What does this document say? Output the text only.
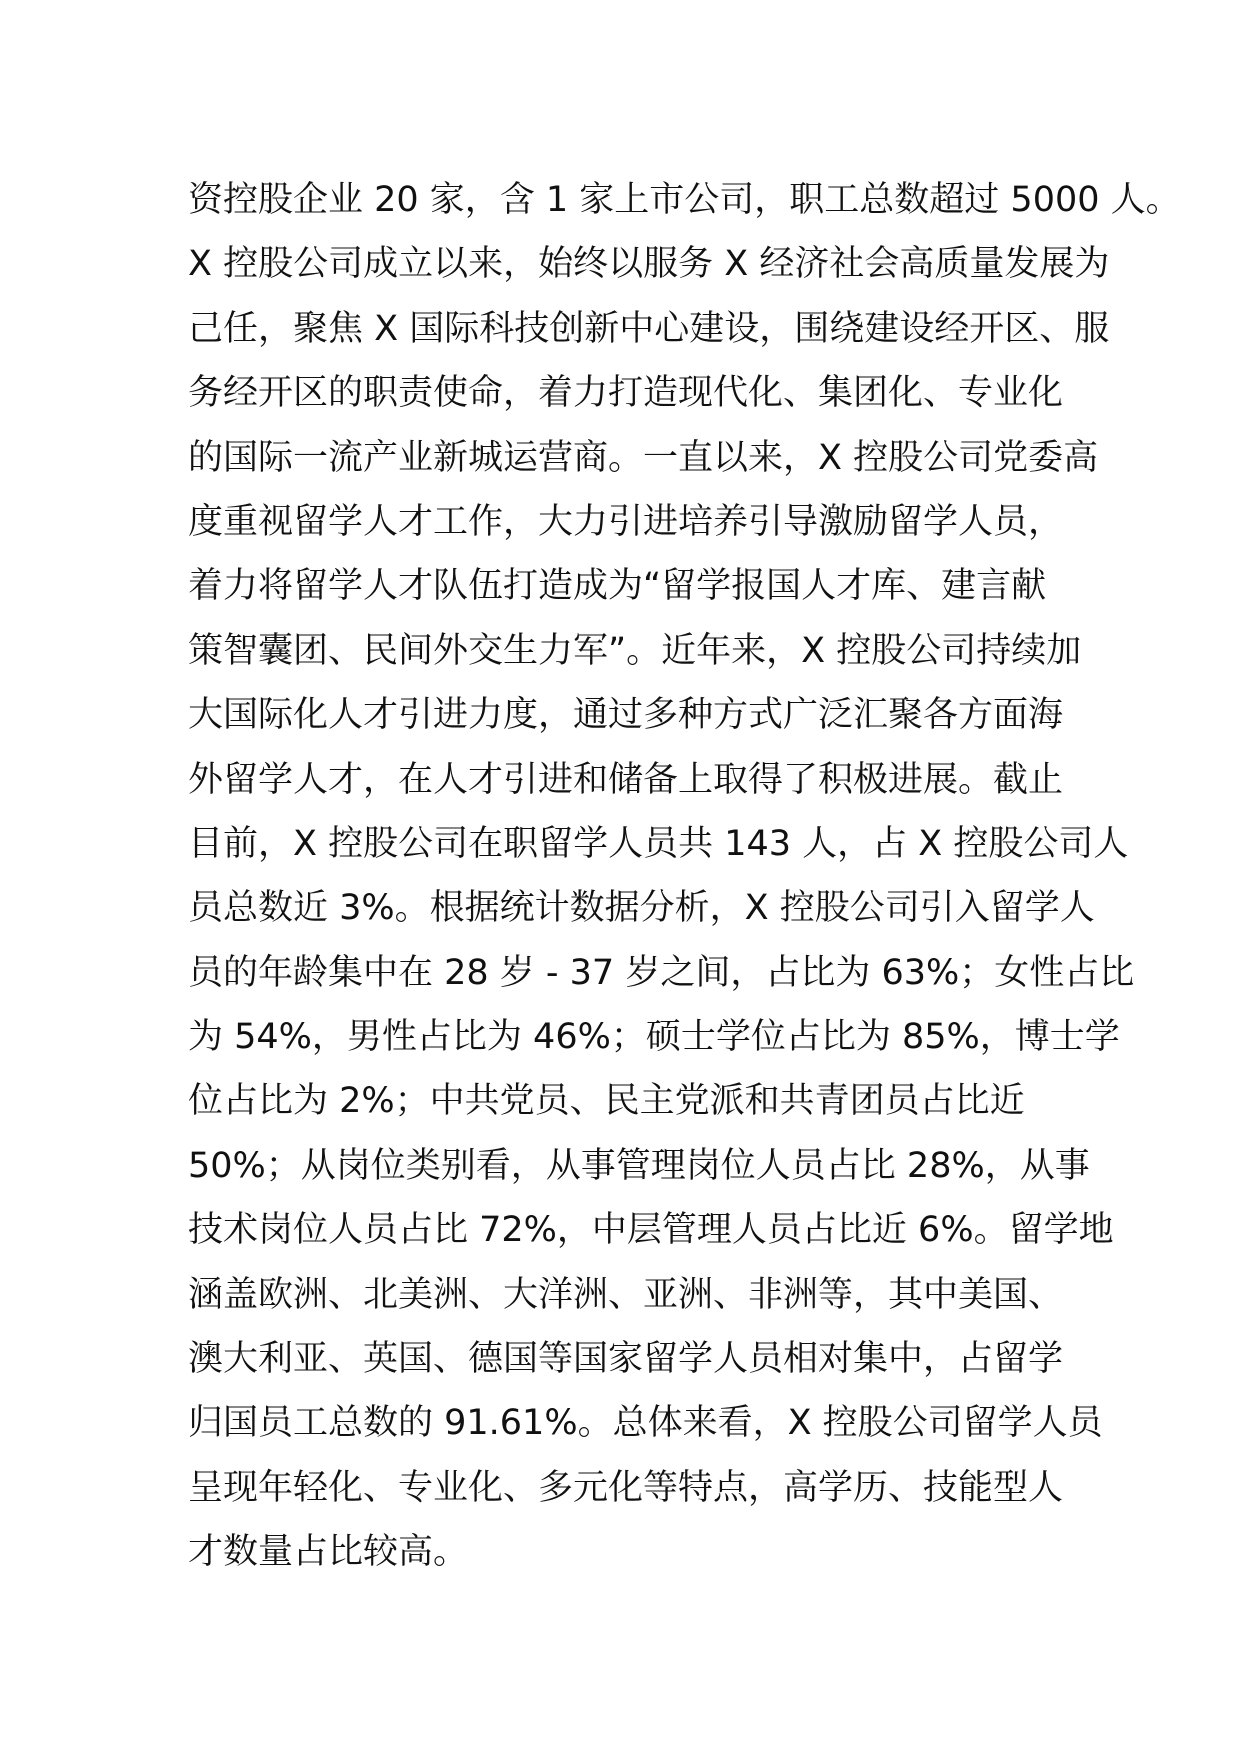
资控股企业 20 家，含 1 家上市公司，职工总数超过 5000 人。
X 控股公司成立以来，始终以服务 X 经济社会高质量发展为
己任，聚焦 X 国际科技创新中心建设，围绕建设经开区、服
务经开区的职责使命，着力打造现代化、集团化、专业化
的国际一流产业新城运营商。一直以来，X 控股公司党委高
度重视留学人才工作，大力引进培养引导激励留学人员，
着力将留学人才队伍打造成为“留学报国人才库、建言献
策智囊团、民间外交生力军”。近年来，X 控股公司持续加
大国际化人才引进力度，通过多种方式广泛汇聚各方面海
外留学人才，在人才引进和储备上取得了积极进展。截止
目前，X 控股公司在职留学人员共 143 人，占 X 控股公司人
员总数近 3%。根据统计数据分析，X 控股公司引入留学人
员的年龄集中在 28 岁 - 37 岁之间，占比为 63%；女性占比
为 54%，男性占比为 46%；硕士学位占比为 85%，博士学
位占比为 2%；中共党员、民主党派和共青团员占比近
50%；从岗位类别看，从事管理岗位人员占比 28%，从事
技术岗位人员占比 72%，中层管理人员占比近 6%。留学地
涵盖欧洲、北美洲、大洋洲、亚洲、非洲等，其中美国、
澳大利亚、英国、德国等国家留学人员相对集中，占留学
归国员工总数的 91.61%。总体来看，X 控股公司留学人员
呈现年轻化、专业化、多元化等特点，高学历、技能型人
才数量占比较高。
